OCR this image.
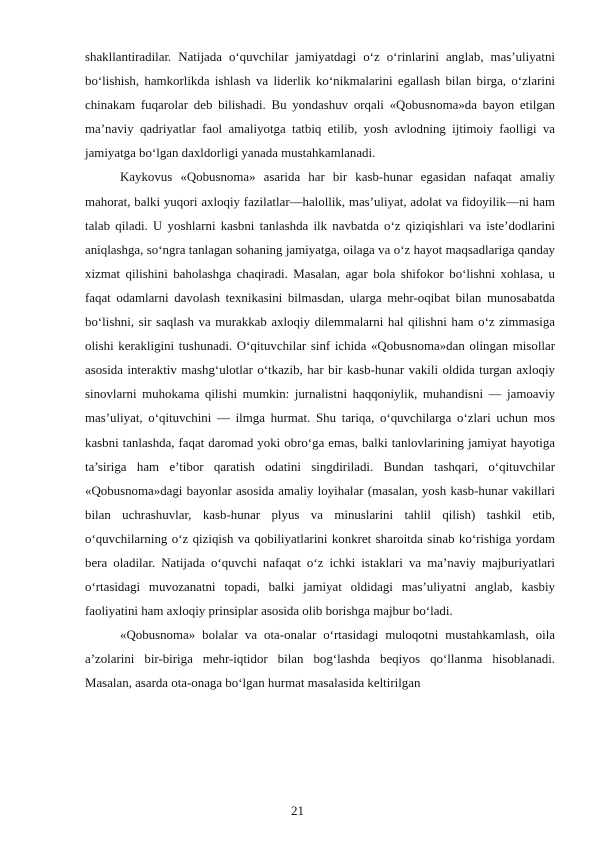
shakllantiradilar. Natijada o‘quvchilar jamiyatdagi o‘z o‘rinlarini anglab, mas’uliyatni bo‘lishish, hamkorlikda ishlash va liderlik ko‘nikmalarini egallash bilan birga, o‘zlarini chinakam fuqarolar deb bilishadi. Bu yondashuv orqali «Qobusnoma»da bayon etilgan ma’naviy qadriyatlar faol amaliyotga tatbiq etilib, yosh avlodning ijtimoiy faolligi va jamiyatga bo‘lgan daxldorligi yanada mustahkamlanadi.

Kaykovus «Qobusnoma» asarida har bir kasb-hunar egasidan nafaqat amaliy mahorat, balki yuqori axloqiy fazilatlar—halollik, mas’uliyat, adolat va fidoyilik—ni ham talab qiladi. U yoshlarni kasbni tanlashda ilk navbatda o‘z qiziqishlari va iste’dodlarini aniqlashga, so‘ngra tanlagan sohaning jamiyatga, oilaga va o‘z hayot maqsadlariga qanday xizmat qilishini baholashga chaqiradi. Masalan, agar bola shifokor bo‘lishni xohlasa, u faqat odamlarni davolash texnikasini bilmasdan, ularga mehr-oqibat bilan munosabatda bo‘lishni, sir saqlash va murakkab axloqiy dilemmalarni hal qilishni ham o‘z zimmasiga olishi kerakligini tushunadi. O‘qituvchilar sinf ichida «Qobusnoma»dan olingan misollar asosida interaktiv mashg‘ulotlar o‘tkazib, har bir kasb-hunar vakili oldida turgan axloqiy sinovlarni muhokama qilishi mumkin: jurnalistni haqqoniylik, muhandisni — jamoaviy mas’uliyat, o‘qituvchini — ilmga hurmat. Shu tariqa, o‘quvchilarga o‘zlari uchun mos kasbni tanlashda, faqat daromad yoki obro‘ga emas, balki tanlovlarining jamiyat hayotiga ta’siriga ham e’tibor qaratish odatini singdiriladi. Bundan tashqari, o‘qituvchilar «Qobusnoma»dagi bayonlar asosida amaliy loyihalar (masalan, yosh kasb-hunar vakillari bilan uchrashuvlar, kasb-hunar plyus va minuslarini tahlil qilish) tashkil etib, o‘quvchilarning o‘z qiziqish va qobiliyatlarini konkret sharoitda sinab ko‘rishiga yordam bera oladilar. Natijada o‘quvchi nafaqat o‘z ichki istaklari va ma’naviy majburiyatlari o‘rtasidagi muvozanatni topadi, balki jamiyat oldidagi mas’uliyatni anglab, kasbiy faoliyatini ham axloqiy prinsiplar asosida olib borishga majbur bo‘ladi.

«Qobusnoma» bolalar va ota-onalar o‘rtasidagi muloqotni mustahkamlash, oila a’zolarini bir-biriga mehr-iqtidor bilan bog‘lashda beqiyos qo‘llanma hisoblanadi. Masalan, asarda ota-onaga bo‘lgan hurmat masalasida keltirilgan

21
